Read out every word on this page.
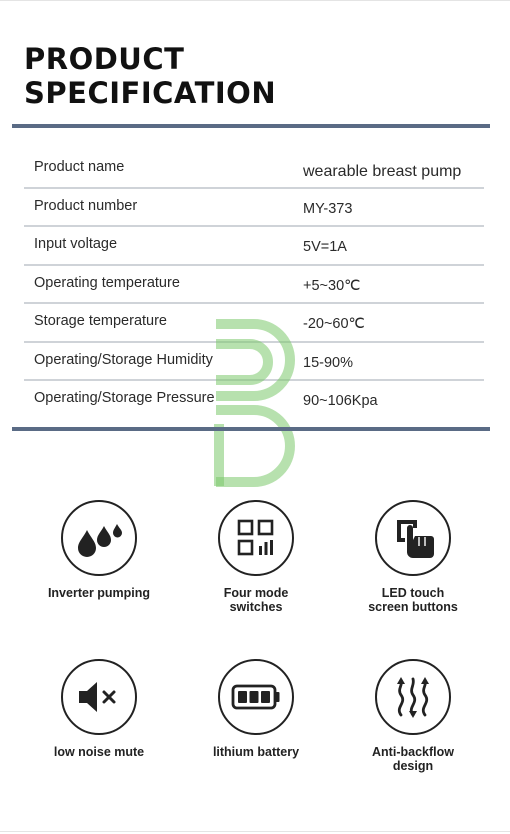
PRODUCT
SPECIFICATION
Product name	wearable breast pump
Product number	MY-373
Input voltage	5V=1A
Operating temperature	+5~30℃
Storage temperature	-20~60℃
Operating/Storage Humidity	15-90%
Operating/Storage Pressure	90~106Kpa
Inverter pumping	Four mode
switches
LED touch
screen buttons
low noise mute	lithium battery	Anti-backflow
design
